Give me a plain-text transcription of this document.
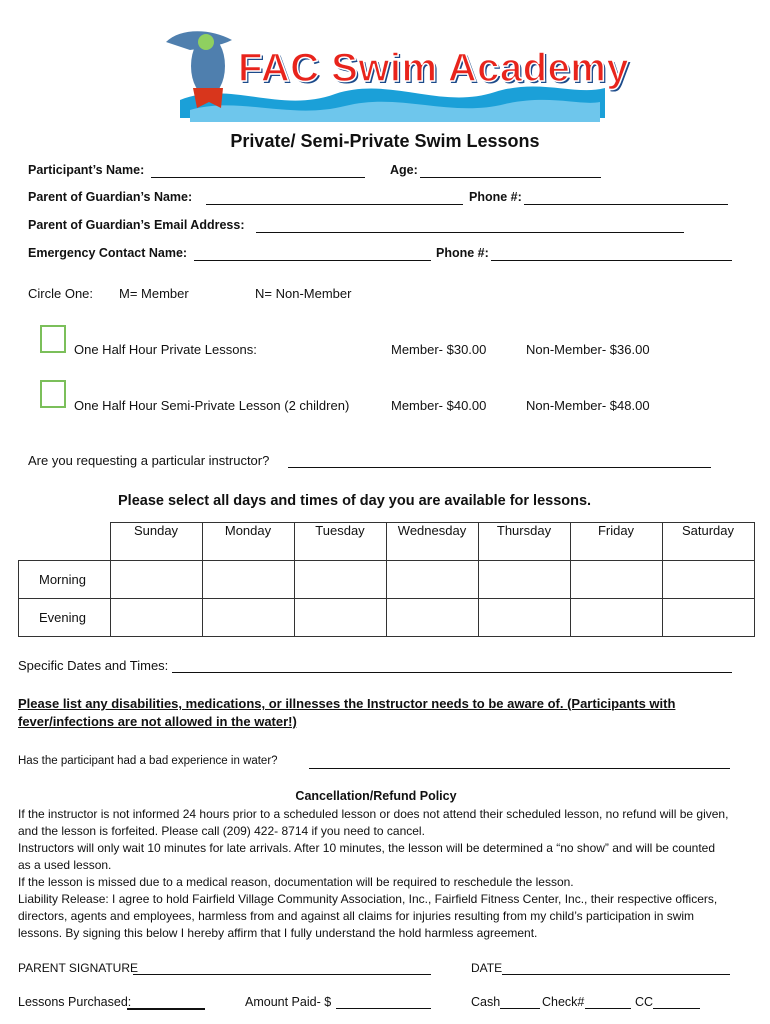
FAC Swim Academy
Private/ Semi-Private Swim Lessons
Participant’s Name:	Age:
Parent of Guardian’s Name:	Phone #:
Parent of Guardian’s Email Address:
Emergency Contact Name:	Phone #:
Circle One: M= Member	N= Non-Member
One Half Hour Private Lessons:	Member- $30.00	Non-Member- $36.00
One Half Hour Semi-Private Lesson (2 children)	Member- $40.00	Non-Member- $48.00
Are you requesting a particular instructor?
Please select all days and times of day you are available for lessons.
	Sunday	Monday	Tuesday	Wednesday	Thursday	Friday	Saturday
Morning							
Evening							
Specific Dates and Times:
Please list any disabilities, medications, or illnesses the Instructor needs to be aware of. (Participants with fever/infections are not allowed in the water!)
Has the participant had a bad experience in water?
Cancellation/Refund Policy
If the instructor is not informed 24 hours prior to a scheduled lesson or does not attend their scheduled lesson, no refund will be given, and the lesson is forfeited. Please call (209) 422- 8714 if you need to cancel.
Instructors will only wait 10 minutes for late arrivals. After 10 minutes, the lesson will be determined a “no show” and will be counted as a used lesson.
If the lesson is missed due to a medical reason, documentation will be required to reschedule the lesson.
Liability Release: I agree to hold Fairfield Village Community Association, Inc., Fairfield Fitness Center, Inc., their respective officers, directors, agents and employees, harmless from and against all claims for injuries resulting from my child’s participation in swim lessons. By signing this below I hereby affirm that I fully understand the hold harmless agreement.
PARENT SIGNATURE	DATE
Lessons Purchased:	Amount Paid- $	Cash	Check#	CC
